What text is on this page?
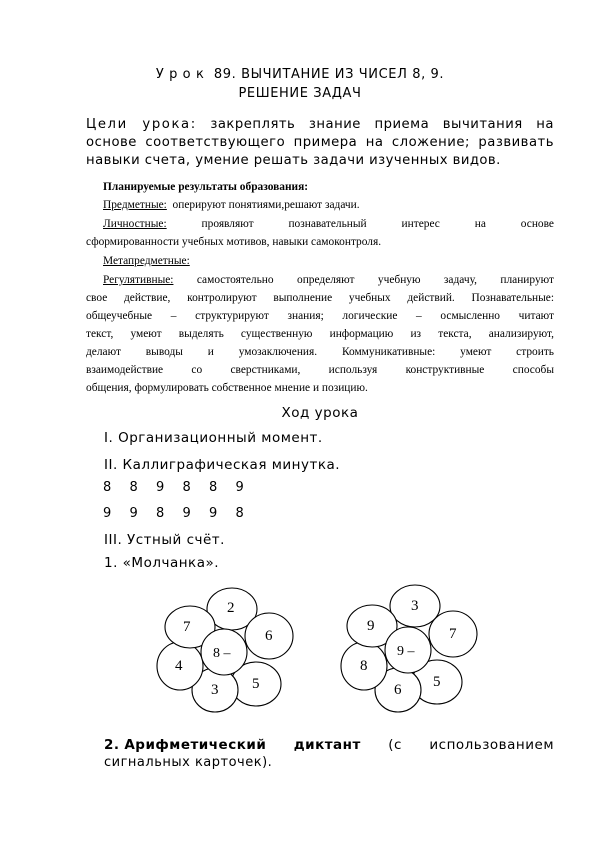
У р о к 89. ВЫЧИТАНИЕ ИЗ ЧИСЕЛ 8, 9.
РЕШЕНИЕ ЗАДАЧ
Цели урока: закреплять знание приема вычитания на
основе соответствующего примера на сложение; развивать
навыки счета, умение решать задачи изученных видов.
Планируемые результаты образования:
Предметные: оперируют понятиями,решают задачи.
Личностные:	проявляют познавательный интерес на основе
сформированности учебных мотивов, навыки самоконтроля.
Метапредметные:
Регулятивные: самостоятельно определяют учебную задачу, планируют
свое действие, контролируют выполнение учебных действий. Познавательные:
общеучебные – структурируют знания; логические – осмысленно читают
текст, умеют выделять существенную информацию из текста, анализируют,
делают выводы и умозаключения. Коммуникативные: умеют строить
взаимодействие со сверстниками, используя конструктивные способы
общения, формулировать собственное мнение и позицию.
Ход урока
I. Организационный момент.
II. Каллиграфическая минутка.
8 8 9 8 8 9
9 9 8 9 9 8
III. Устный счёт.
1. «Молчанка».
2
6
5
3
4
7
8 –
3
7
5
6
8
9
9 –
2. Арифметический диктант (с использованием
сигнальных карточек).
